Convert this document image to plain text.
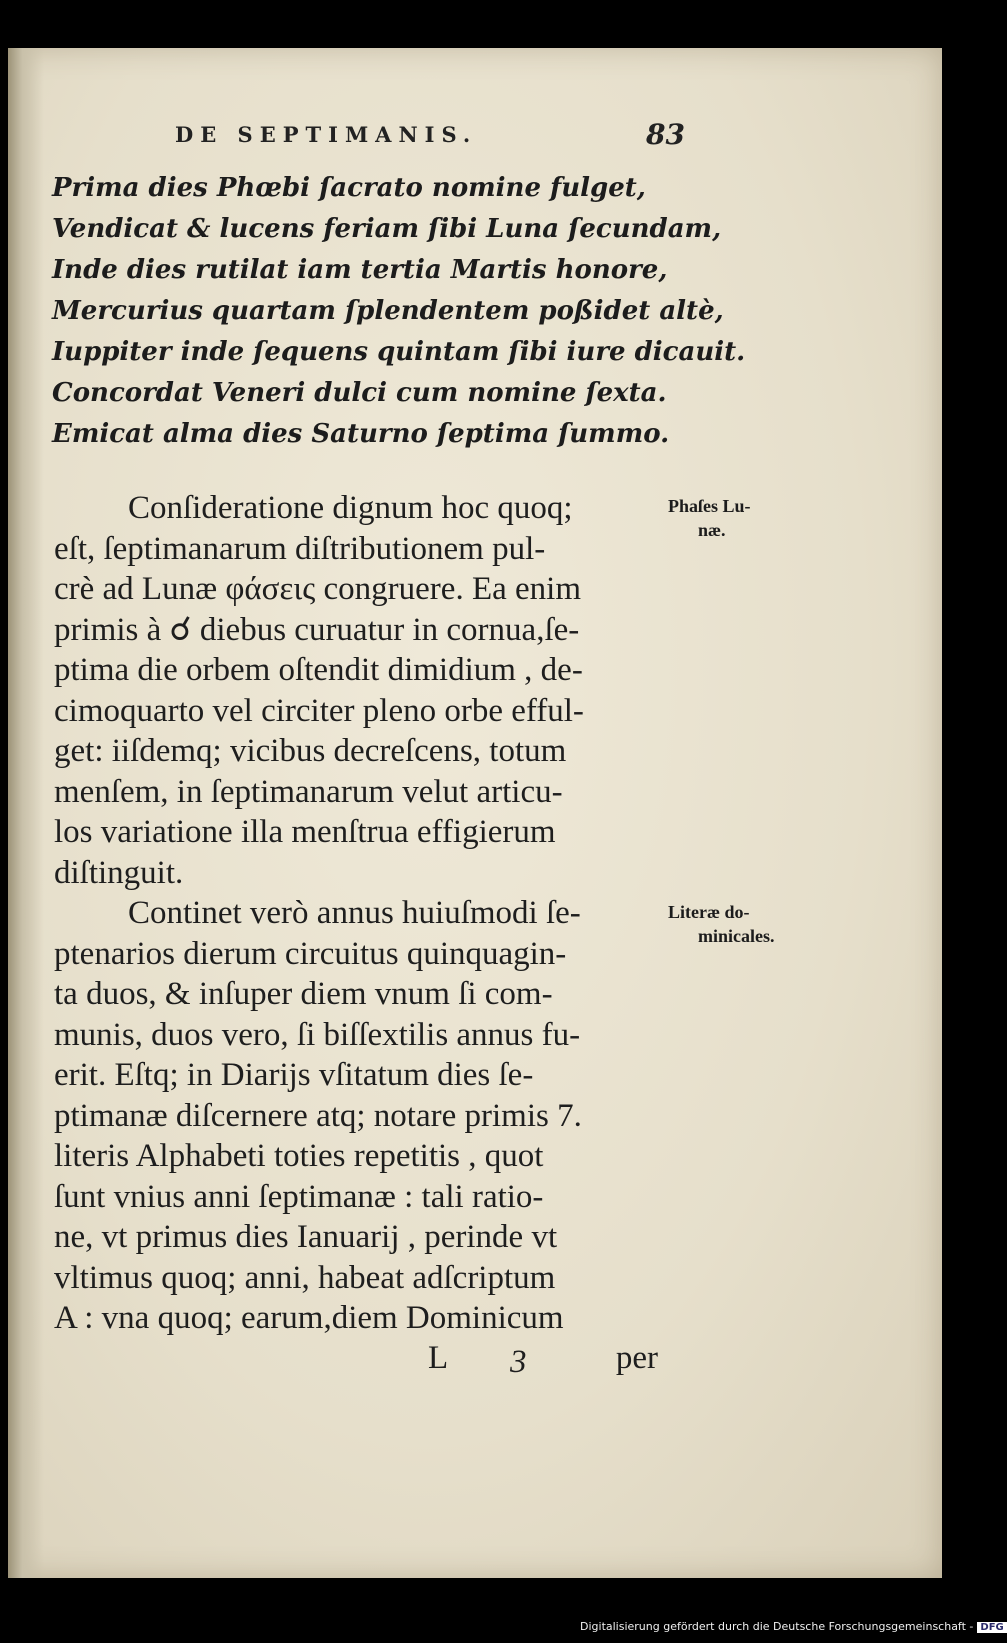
DE SEPTIMANIS.	83
Prima dies Phœbi ſacrato nomine fulget,
Vendicat & lucens feriam ſibi Luna ſecundam,
Inde dies rutilat iam tertia Martis honore,
Mercurius quartam ſplendentem poßidet altè,
Iuppiter inde ſequens quintam ſibi iure dicauit.
Concordat Veneri dulci cum nomine ſexta.
Emicat alma dies Saturno ſeptima ſummo.
Conſideratione dignum hoc quoq;
eſt, ſeptimanarum diſtributionem pul-
crè ad Lunæ φάσεις congruere. Ea enim
primis à ☌ diebus curuatur in cornua,ſe-
ptima die orbem oſtendit dimidium , de-
cimoquarto vel circiter pleno orbe efful-
get: iiſdemq; vicibus decreſcens, totum
menſem, in ſeptimanarum velut articu-
los variatione illa menſtrua effigierum
diſtinguit.
Continet verò annus huiuſmodi ſe-
ptenarios dierum circuitus quinquagin-
ta duos, & inſuper diem vnum ſi com-
munis, duos vero, ſi biſſextilis annus fu-
erit. Eſtq; in Diarijs vſitatum dies ſe-
ptimanæ diſcernere atq; notare primis 7.
literis Alphabeti toties repetitis , quot
ſunt vnius anni ſeptimanæ : tali ratio-
ne, vt primus dies Ianuarij , perinde vt
vltimus quoq; anni, habeat adſcriptum
A : vna quoq; earum,diem Dominicum
Phaſes Lu-
næ.
Literæ do-
minicales.
L 3	per
Digitalisierung gefördert durch die Deutsche Forschungsgemeinschaft - DFG
